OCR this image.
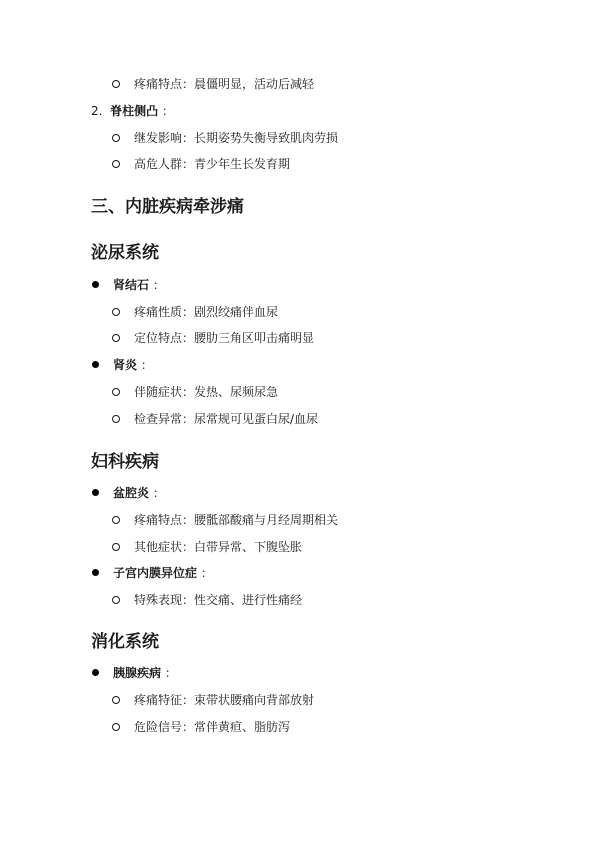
疼痛特点：晨僵明显，活动后减轻
2. 脊柱侧凸 ：
继发影响：长期姿势失衡导致肌肉劳损
高危人群：青少年生长发育期
三、内脏疾病牵涉痛
泌尿系统
肾结石 ：
疼痛性质：剧烈绞痛伴血尿
定位特点：腰肋三角区叩击痛明显
肾炎 ：
伴随症状：发热、尿频尿急
检查异常：尿常规可见蛋白尿/血尿
妇科疾病
盆腔炎 ：
疼痛特点：腰骶部酸痛与月经周期相关
其他症状：白带异常、下腹坠胀
子宫内膜异位症 ：
特殊表现：性交痛、进行性痛经
消化系统
胰腺疾病 ：
疼痛特征：束带状腰痛向背部放射
危险信号：常伴黄疸、脂肪泻
